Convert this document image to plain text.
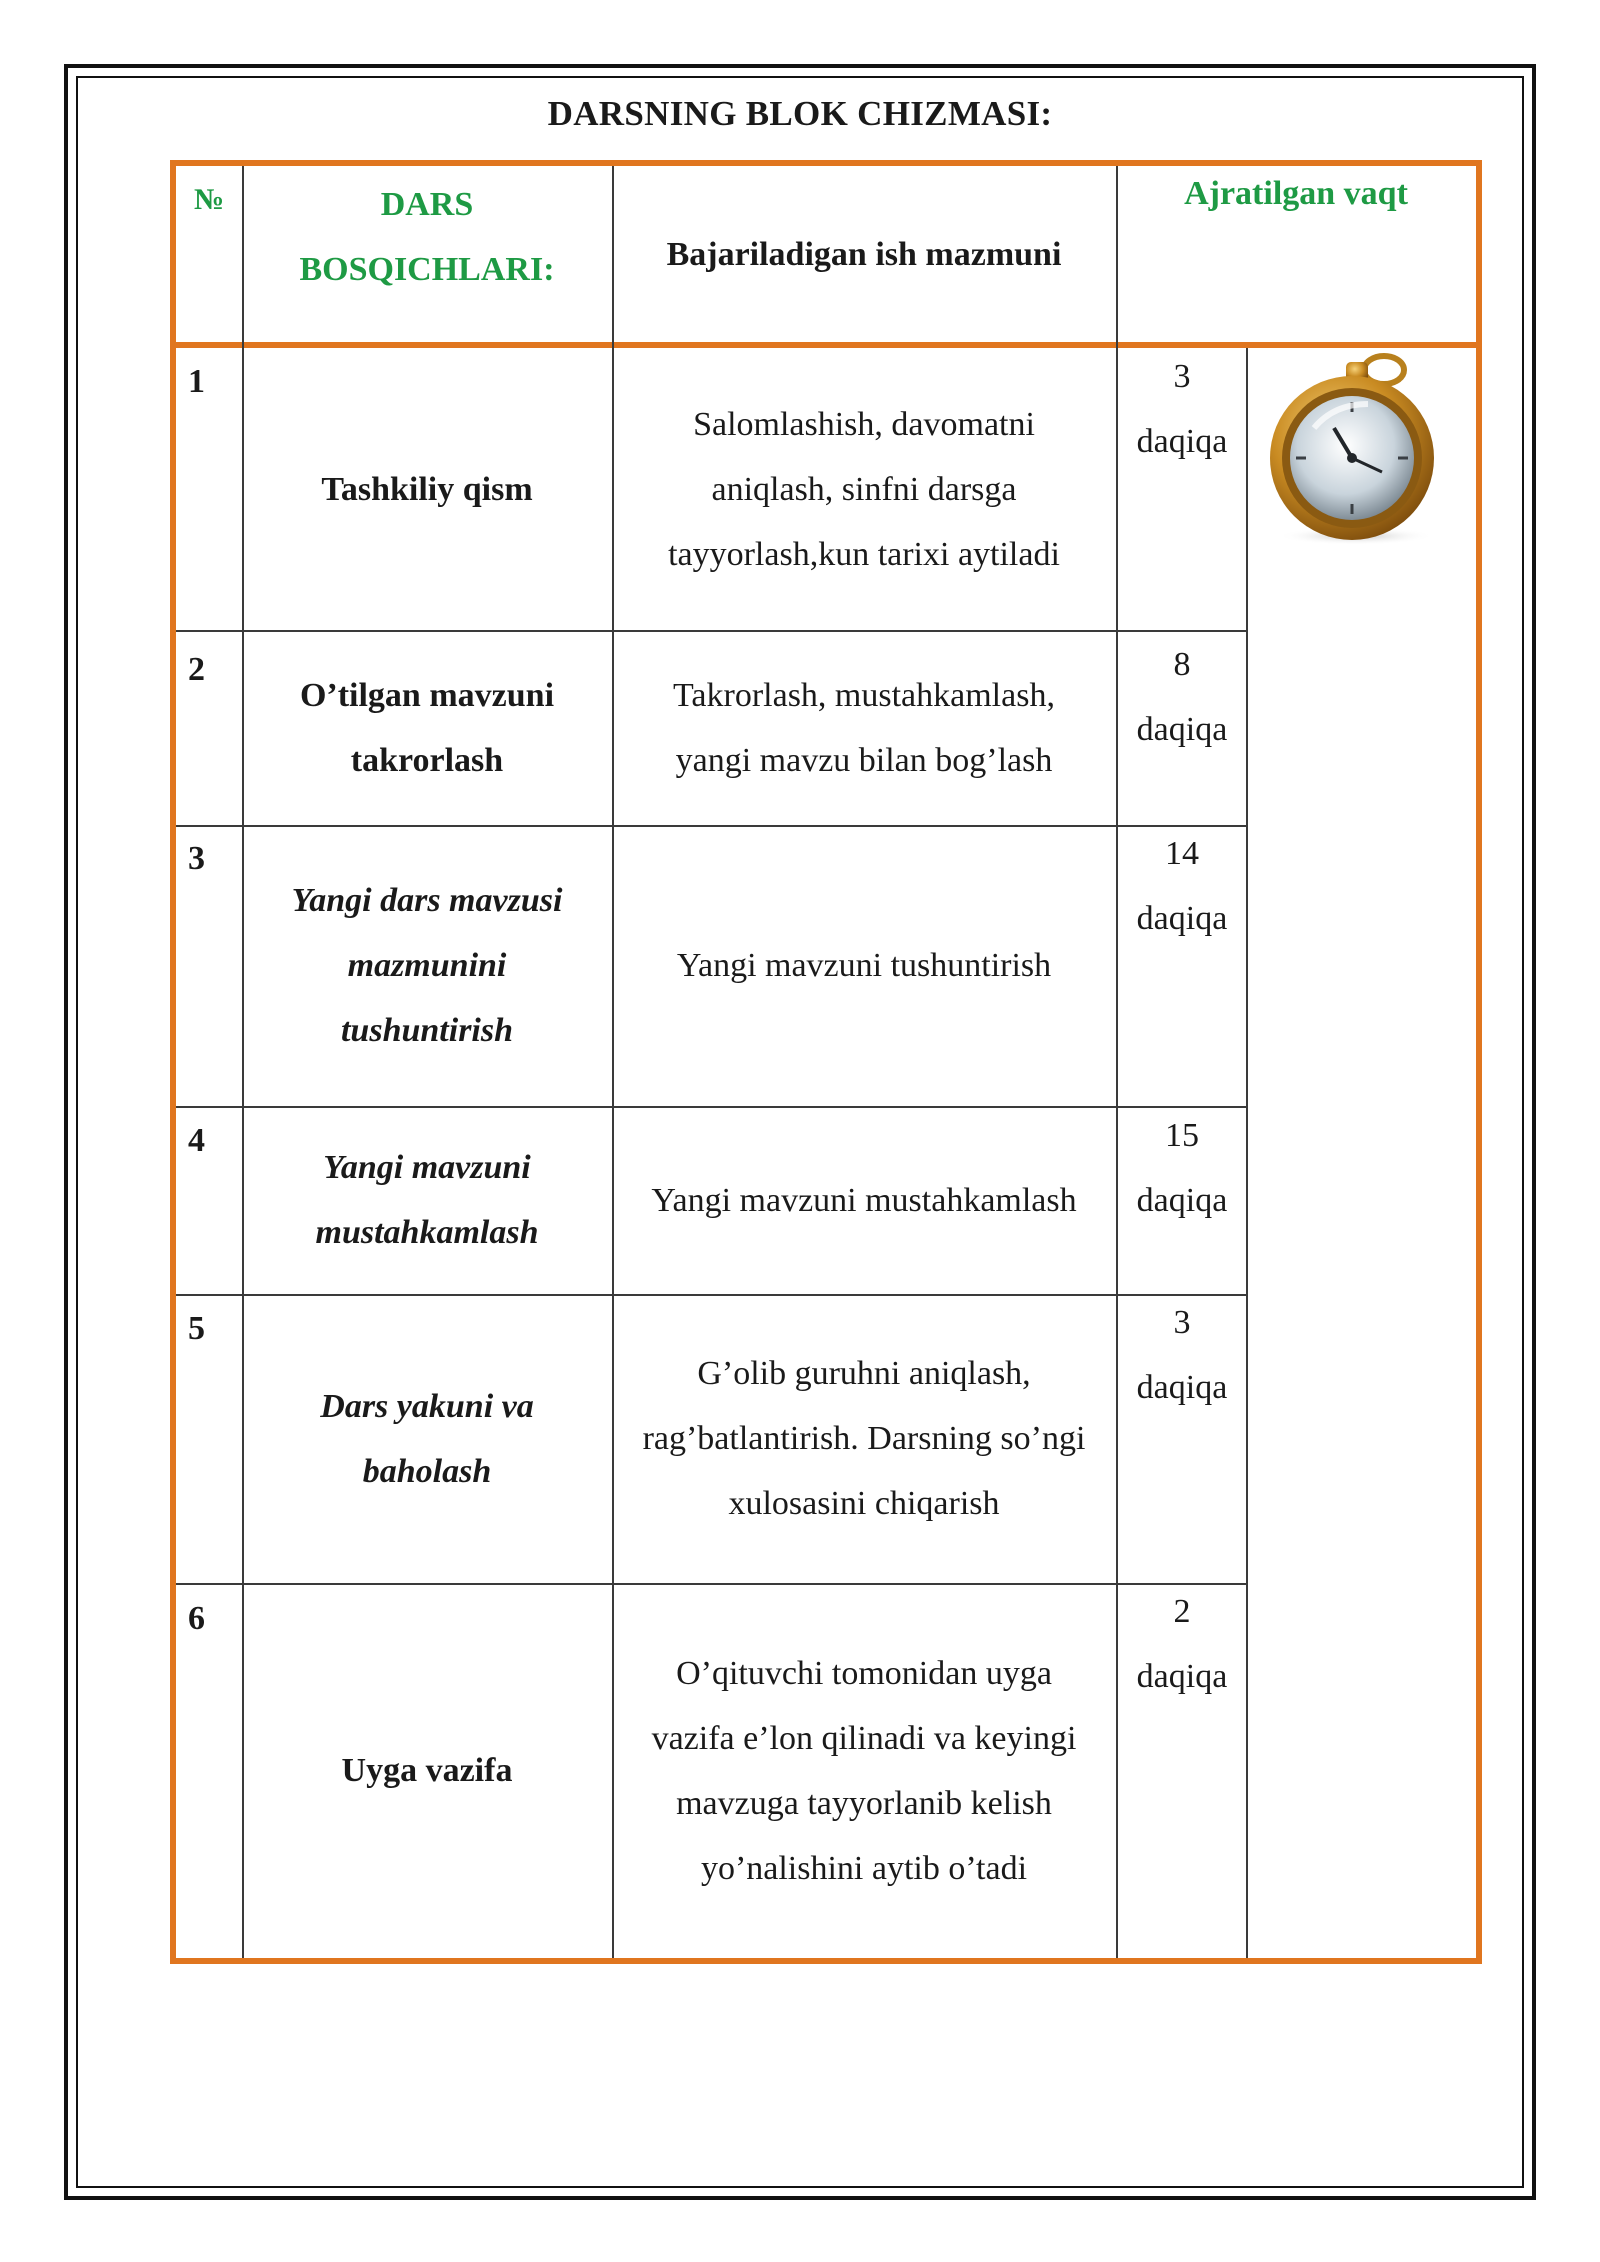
DARSNING BLOK CHIZMASI:
№	DARS
BOSQICHLARI:	Bajariladigan ish mazmuni
Ajratilgan vaqt
1
Tashkiliy qism
Salomlashish, davomatni
aniqlash, sinfni darsga
tayyorlash,kun tarixi aytiladi
3
daqiqa
2
O’tilgan mavzuni
takrorlash
Takrorlash, mustahkamlash,
yangi mavzu bilan bog’lash
8
daqiqa
3
Yangi dars mavzusi
mazmunini
tushuntirish
Yangi mavzuni tushuntirish
14
daqiqa
4
Yangi mavzuni
mustahkamlash
Yangi mavzuni mustahkamlash
15
daqiqa
5
Dars yakuni va
baholash
G’olib guruhni aniqlash,
rag’batlantirish. Darsning so’ngi
xulosasini chiqarish
3
daqiqa
6
Uyga vazifa
O’qituvchi tomonidan uyga
vazifa e’lon qilinadi va keyingi
mavzuga tayyorlanib kelish
yo’nalishini aytib o’tadi
2
daqiqa
